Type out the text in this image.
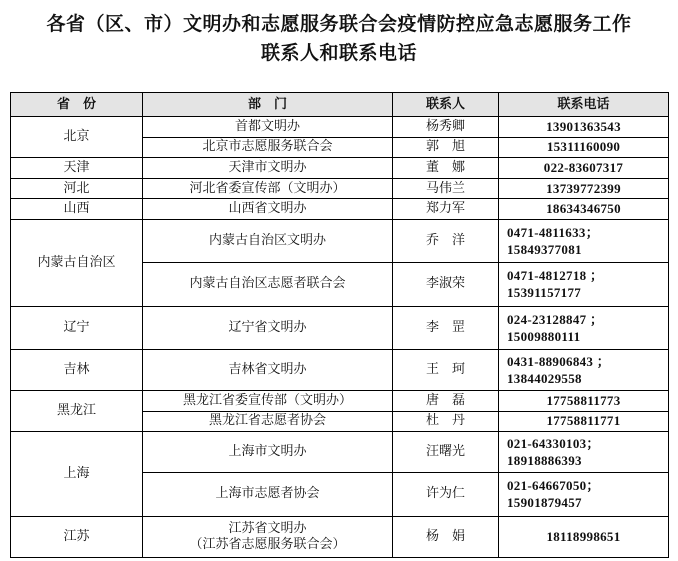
各省（区、市）文明办和志愿服务联合会疫情防控应急志愿服务工作
联系人和联系电话
省　份	部　门	联系人	联系电话
北京	首都文明办	杨秀卿	13901363543

	北京市志愿服务联合会	郭　旭	15311160090

天津	天津市文明办	董　娜	022-83607317

河北	河北省委宣传部（文明办）	马伟兰	13739772399

山西	山西省文明办	郑力军	18634346750

内蒙古自治区	内蒙古自治区文明办	乔　洋	0471-4811633；
15849377081

	内蒙古自治区志愿者联合会	李淑荣	0471-4812718 ；
15391157177

辽宁	辽宁省文明办	李　罡	024-23128847 ；
15009880111

吉林	吉林省文明办	王　珂	0431-88906843 ；
13844029558

黑龙江	黑龙江省委宣传部（文明办）	唐　磊	17758811773

	黑龙江省志愿者协会	杜　丹	17758811771

上海	上海市文明办	汪曙光	021-64330103；
18918886393

	上海市志愿者协会	许为仁	021-64667050；
15901879457

江苏	江苏省文明办
（江苏省志愿服务联合会）	杨　娟	18118998651
